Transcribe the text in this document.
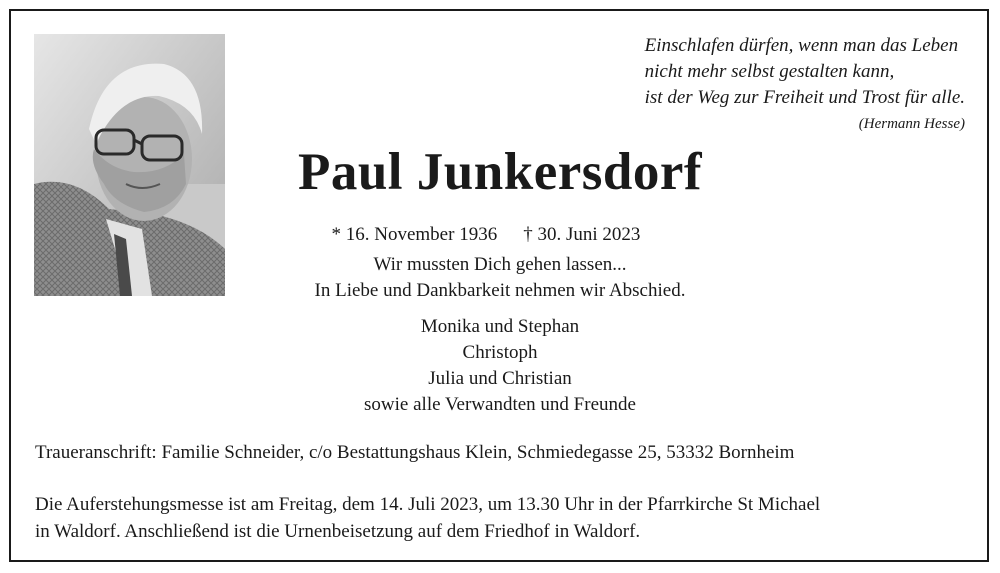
Einschlafen dürfen, wenn man das Leben
nicht mehr selbst gestalten kann,
ist der Weg zur Freiheit und Trost für alle.
(Hermann Hesse)
Paul Junkersdorf

* 16. November 1936 † 30. Juni 2023

Wir mussten Dich gehen lassen...
In Liebe und Dankbarkeit nehmen wir Abschied.
Monika und Stephan
Christoph
Julia und Christian
sowie alle Verwandten und Freunde
Traueranschrift: Familie Schneider, c/o Bestattungshaus Klein, Schmiedegasse 25, 53332 Bornheim
Die Auferstehungsmesse ist am Freitag, dem 14. Juli 2023, um 13.30 Uhr in der Pfarrkirche St Michael
in Waldorf. Anschließend ist die Urnenbeisetzung auf dem Friedhof in Waldorf.
